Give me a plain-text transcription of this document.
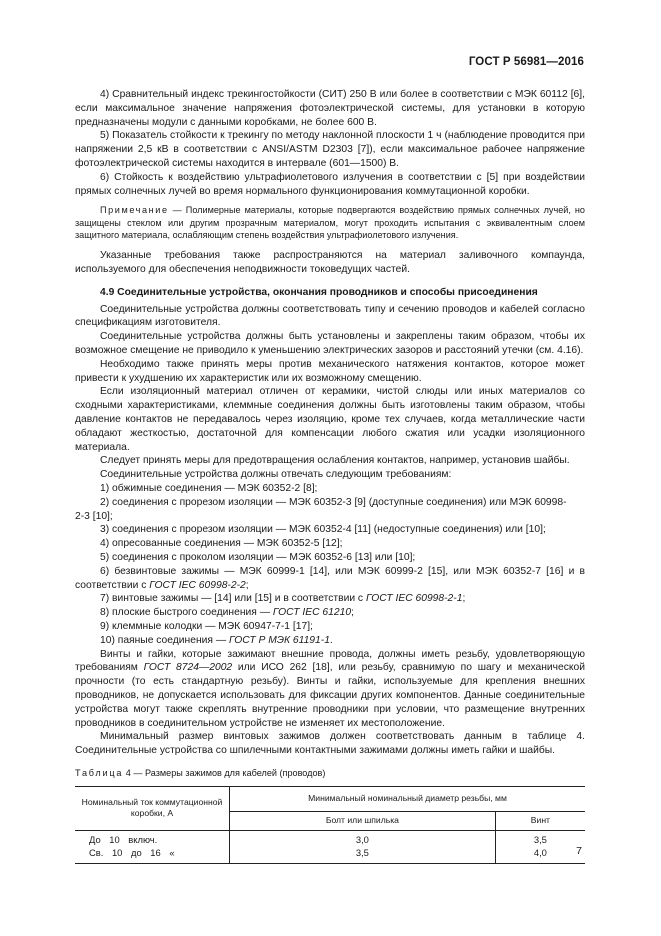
ГОСТ Р 56981—2016

4) Сравнительный индекс трекингостойкости (СИТ) 250 В или более в соответствии с МЭК 60112 [6], если максимальное значение напряжения фотоэлектрической системы, для установки в которую предназначены модули с данными коробками, не более 600 В.

5) Показатель стойкости к трекингу по методу наклонной плоскости 1 ч (наблюдение проводится при напряжении 2,5 кВ в соответствии с ANSI/ASTM D2303 [7]), если максимальное рабочее напряжение фотоэлектрической системы находится в интервале (601—1500) В.

6) Стойкость к воздействию ультрафиолетового излучения в соответствии с [5] при воздействии прямых солнечных лучей во время нормального функционирования коммутационной коробки.

Примечание — Полимерные материалы, которые подвергаются воздействию прямых солнечных лучей, но защищены стеклом или другим прозрачным материалом, могут проходить испытания с эквивалентным слоем защитного материала, ослабляющим степень воздействия ультрафиолетового излучения.

Указанные требования также распространяются на материал заливочного компаунда, используемого для обеспечения неподвижности токоведущих частей.

4.9 Соединительные устройства, окончания проводников и способы присоединения

Соединительные устройства должны соответствовать типу и сечению проводов и кабелей согласно спецификациям изготовителя.

Соединительные устройства должны быть установлены и закреплены таким образом, чтобы их возможное смещение не приводило к уменьшению электрических зазоров и расстояний утечки (см. 4.16).

Необходимо также принять меры против механического натяжения контактов, которое может привести к ухудшению их характеристик или их возможному смещению.

Если изоляционный материал отличен от керамики, чистой слюды или иных материалов со сходными характеристиками, клеммные соединения должны быть изготовлены таким образом, чтобы давление контактов не передавалось через изоляцию, кроме тех случаев, когда металлические части обладают жесткостью, достаточной для компенсации любого сжатия или усадки изоляционного материала.

Следует принять меры для предотвращения ослабления контактов, например, установив шайбы.

Соединительные устройства должны отвечать следующим требованиям:

1) обжимные соединения — МЭК 60352-2 [8];

2) соединения с прорезом изоляции — МЭК 60352-3 [9] (доступные соединения) или МЭК 60998-

2-3 [10];

3) соединения с прорезом изоляции — МЭК 60352-4 [11] (недоступные соединения) или [10];

4) опресованные соединения — МЭК 60352-5 [12];

5) соединения с проколом изоляции — МЭК 60352-6 [13] или [10];

6) безвинтовые зажимы — МЭК 60999-1 [14], или МЭК 60999-2 [15], или МЭК 60352-7 [16] и в соответствии с ГОСТ IEC 60998-2-2;

7) винтовые зажимы — [14] или [15] и в соответствии с ГОСТ IEC 60998-2-1;

8) плоские быстрого соединения — ГОСТ IEC 61210;

9) клеммные колодки — МЭК 60947-7-1 [17];

10) паяные соединения — ГОСТ Р МЭК 61191-1.

Винты и гайки, которые зажимают внешние провода, должны иметь резьбу, удовлетворяющую требованиям ГОСТ 8724—2002 или ИСО 262 [18], или резьбу, сравнимую по шагу и механической прочности (то есть стандартную резьбу). Винты и гайки, используемые для крепления внешних проводников, не допускается использовать для фиксации других компонентов. Данные соединительные устройства могут также скреплять внутренние проводники при условии, что размещение внутренних проводников в соединительном устройстве не изменяет их местоположение.

Минимальный размер винтовых зажимов должен соответствовать данным в таблице 4. Соединительные устройства со шпилечными контактными зажимами должны иметь гайки и шайбы.

Таблица 4 — Размеры зажимов для кабелей (проводов)

Номинальный ток коммутационной коробки, А	Минимальный номинальный диаметр резьбы, мм	
	Болт или шпилька	Винт
До 10 включ.	3,0	3,5
Св. 10 до 16 «	3,5	4,0	7
